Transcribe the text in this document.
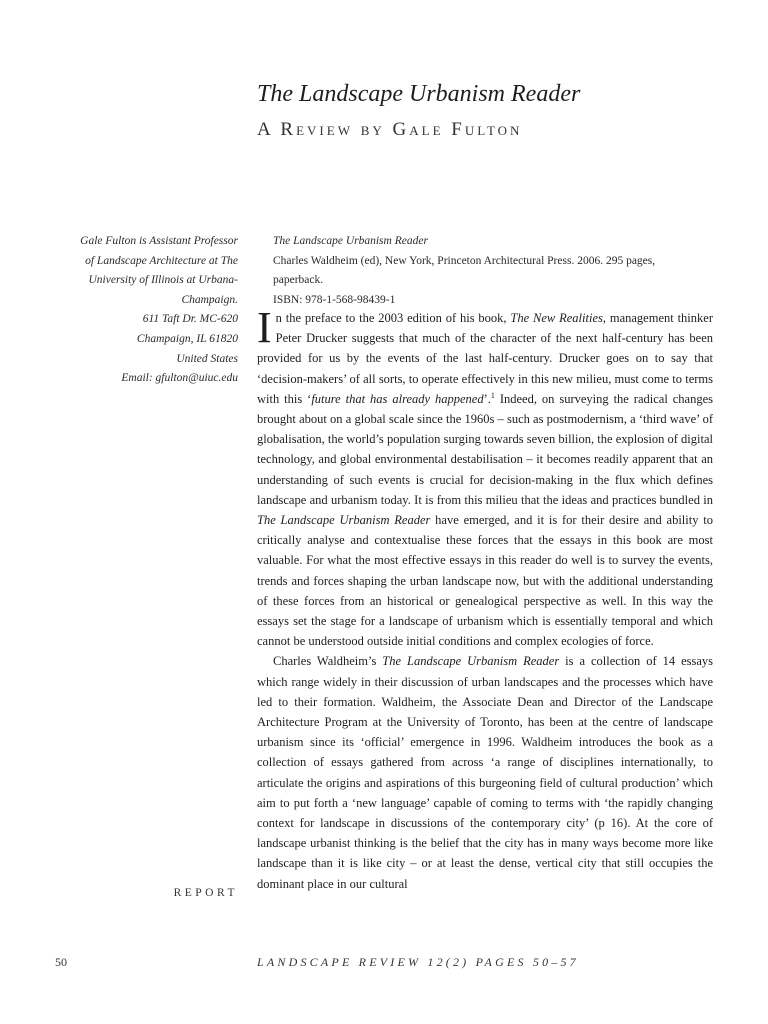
The Landscape Urbanism Reader
A Review by Gale Fulton
Gale Fulton is Assistant Professor
of Landscape Architecture at The
University of Illinois at Urbana-
Champaign.
611 Taft Dr. MC-620
Champaign, IL 61820
United States
Email: gfulton@uiuc.edu
The Landscape Urbanism Reader
Charles Waldheim (ed), New York, Princeton Architectural Press. 2006. 295 pages,
paperback.
ISBN: 978-1-568-98439-1

In the preface to the 2003 edition of his book, The New Realities, management thinker Peter Drucker suggests that much of the character of the next half-century has been provided for us by the events of the last half-century. Drucker goes on to say that ‘decision-makers’ of all sorts, to operate effectively in this new milieu, must come to terms with this ‘future that has already happened’.$^1$ Indeed, on surveying the radical changes brought about on a global scale since the 1960s – such as postmodernism, a ‘third wave’ of globalisation, the world’s population surging towards seven billion, the explosion of digital technology, and global environmental destabilisation – it becomes readily apparent that an understanding of such events is crucial for decision-making in the flux which defines landscape and urbanism today. It is from this milieu that the ideas and practices bundled in The Landscape Urbanism Reader have emerged, and it is for their desire and ability to critically analyse and contextualise these forces that the essays in this book are most valuable. For what the most effective essays in this reader do well is to survey the events, trends and forces shaping the urban landscape now, but with the additional understanding of these forces from an historical or genealogical perspective as well. In this way the essays set the stage for a landscape of urbanism which is essentially temporal and which cannot be understood outside initial conditions and complex ecologies of force.

Charles Waldheim’s The Landscape Urbanism Reader is a collection of 14 essays which range widely in their discussion of urban landscapes and the processes which have led to their formation. Waldheim, the Associate Dean and Director of the Landscape Architecture Program at the University of Toronto, has been at the centre of landscape urbanism since its ‘official’ emergence in 1996. Waldheim introduces the book as a collection of essays gathered from across ‘a range of disciplines internationally, to articulate the origins and aspirations of this burgeoning field of cultural production’ which aim to put forth a ‘new language’ capable of coming to terms with ‘the rapidly changing context for landscape in discussions of the contemporary city’ (p 16). At the core of landscape urbanist thinking is the belief that the city has in many ways become more like landscape than it is like city – or at least the dense, vertical city that still occupies the dominant place in our cultural

REPORT
50	LANDSCAPE REVIEW 12(2) PAGES 50–57
